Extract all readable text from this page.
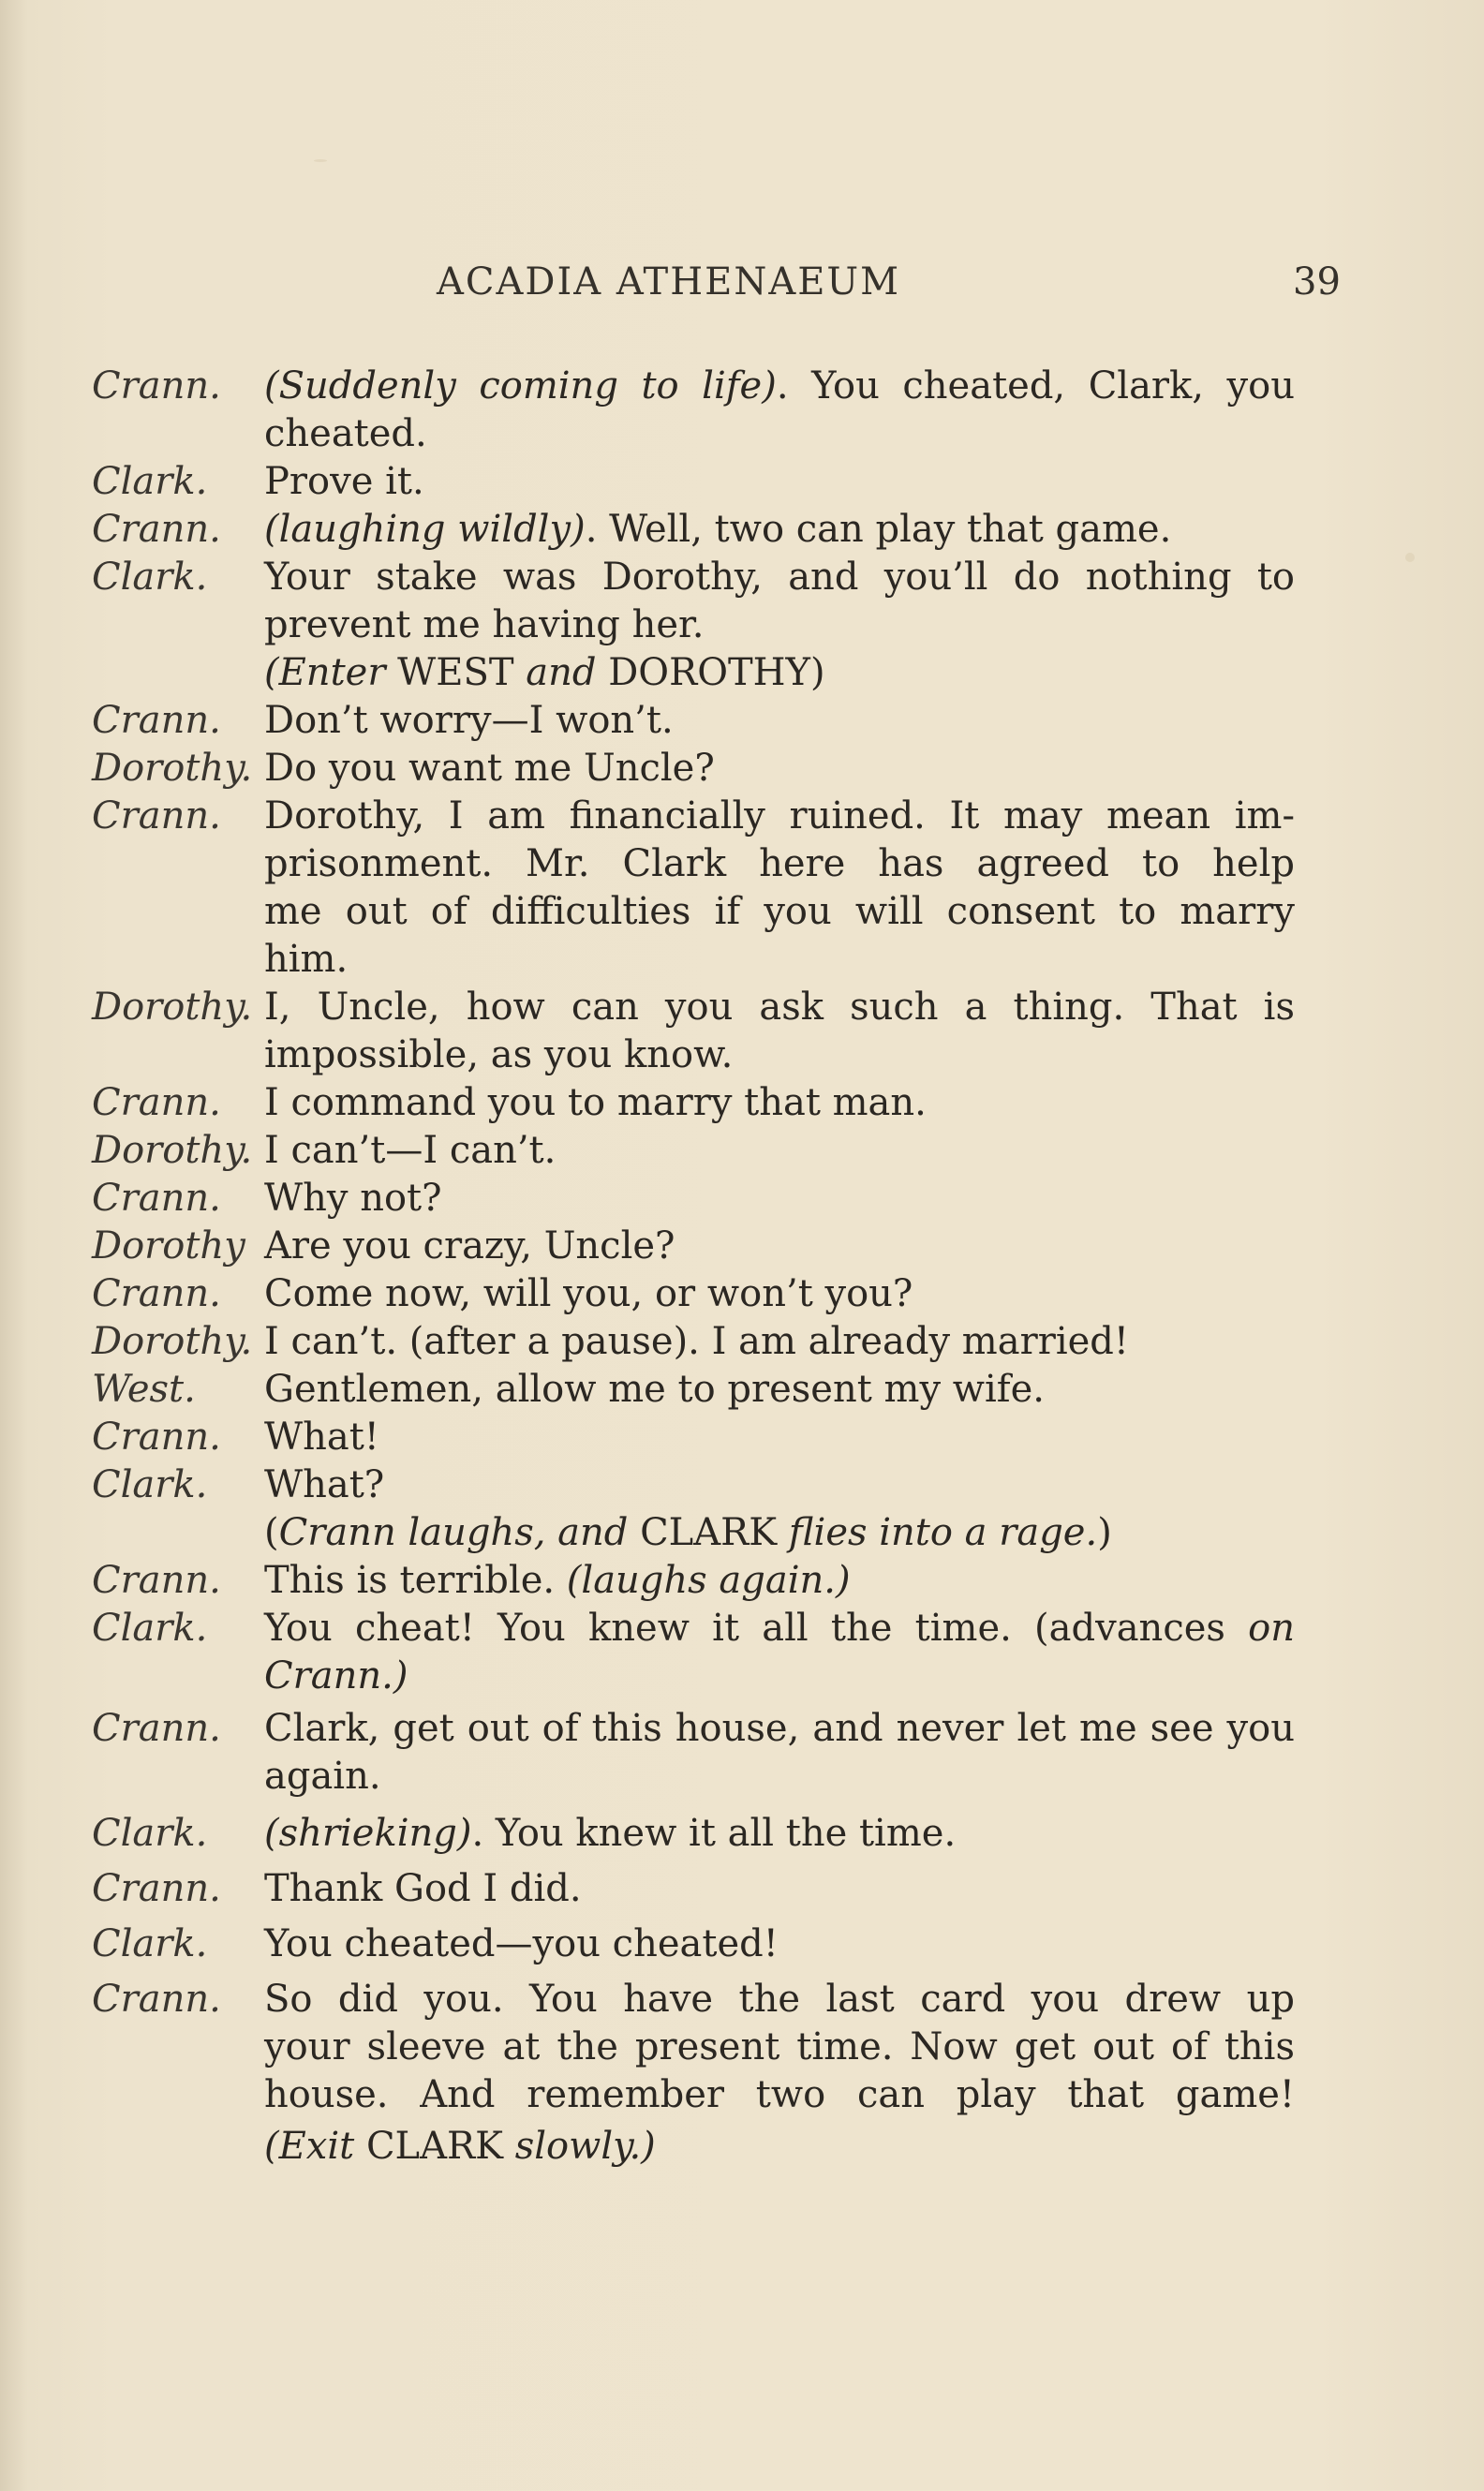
ACADIA ATHENAEUM	39
Crann. (Suddenly coming to life). You cheated, Clark, you
cheated.
Clark. Prove it.
Crann. (laughing wildly). Well, two can play that game.
Clark. Your stake was Dorothy, and you’ll do nothing to
prevent me having her.
(Enter WEST and DOROTHY)
Crann. Don’t worry—I won’t.
Dorothy. Do you want me Uncle?
Crann. Dorothy, I am financially ruined. It may mean im-
prisonment. Mr. Clark here has agreed to help
me out of difficulties if you will consent to marry
him.
Dorothy. I, Uncle, how can you ask such a thing. That is
impossible, as you know.
Crann. I command you to marry that man.
Dorothy. I can’t—I can’t.
Crann. Why not?
Dorothy Are you crazy, Uncle?
Crann. Come now, will you, or won’t you?
Dorothy. I can’t. (after a pause). I am already married!
West. Gentlemen, allow me to present my wife.
Crann. What!
Clark. What?
(Crann laughs, and CLARK flies into a rage.)
Crann. This is terrible. (laughs again.)
Clark. You cheat! You knew it all the time. (advances on
Crann.)
Crann. Clark, get out of this house, and never let me see you
again.
Clark. (shrieking). You knew it all the time.
Crann. Thank God I did.
Clark. You cheated—you cheated!
Crann. So did you. You have the last card you drew up
your sleeve at the present time. Now get out of this
house. And remember two can play that game!
(Exit CLARK slowly.)
